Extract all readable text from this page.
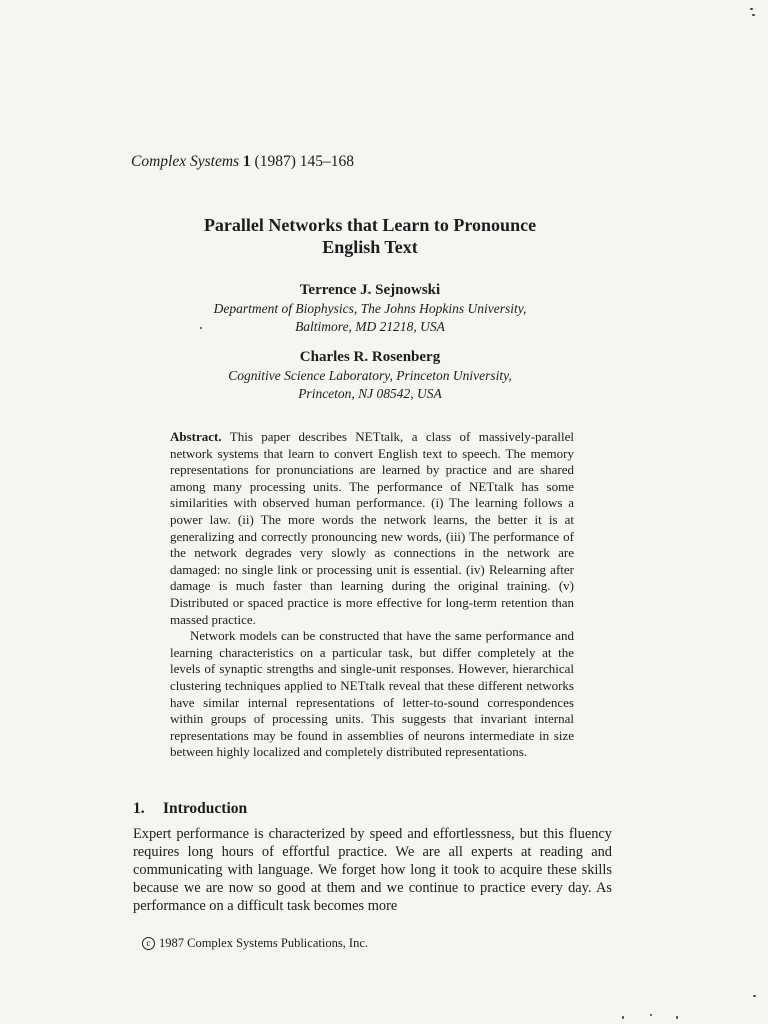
Complex Systems 1 (1987) 145–168
Parallel Networks that Learn to Pronounce
English Text
Terrence J. Sejnowski
Department of Biophysics, The Johns Hopkins University,
Baltimore, MD 21218, USA
Charles R. Rosenberg
Cognitive Science Laboratory, Princeton University,
Princeton, NJ 08542, USA

Abstract. This paper describes NETtalk, a class of massively-parallel network systems that learn to convert English text to speech. The memory representations for pronunciations are learned by practice and are shared among many processing units. The performance of NETtalk has some similarities with observed human performance. (i) The learning follows a power law. (ii) The more words the network learns, the better it is at generalizing and correctly pronouncing new words, (iii) The performance of the network degrades very slowly as connections in the network are damaged: no single link or processing unit is essential. (iv) Relearning after damage is much faster than learning during the original training. (v) Distributed or spaced practice is more effective for long-term retention than massed practice.

Network models can be constructed that have the same performance and learning characteristics on a particular task, but differ completely at the levels of synaptic strengths and single-unit responses. However, hierarchical clustering techniques applied to NETtalk reveal that these different networks have similar internal representations of letter-to-sound correspondences within groups of processing units. This suggests that invariant internal representations may be found in assemblies of neurons intermediate in size between highly localized and completely distributed representations.

1. Introduction

Expert performance is characterized by speed and effortlessness, but this fluency requires long hours of effortful practice. We are all experts at reading and communicating with language. We forget how long it took to acquire these skills because we are now so good at them and we continue to practice every day. As performance on a difficult task becomes more

c 1987 Complex Systems Publications, Inc.
